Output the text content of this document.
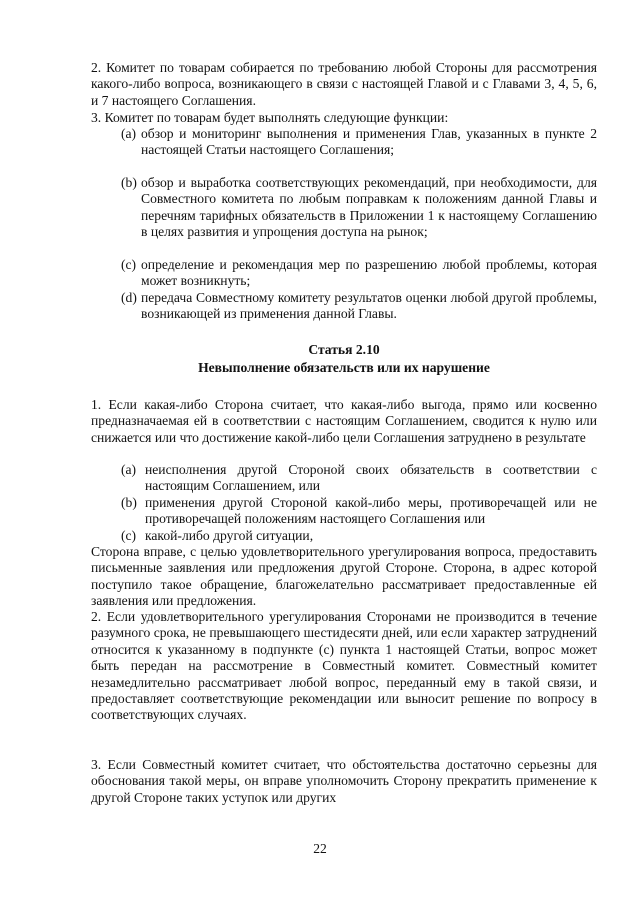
2. Комитет по товарам собирается по требованию любой Стороны для рассмотрения какого-либо вопроса, возникающего в связи с настоящей Главой и с Главами 3, 4, 5, 6, и 7 настоящего Соглашения.

3. Комитет по товарам будет выполнять следующие функции:

(a) обзор и мониторинг выполнения и применения Глав, указанных в пункте 2 настоящей Статьи настоящего Соглашения;
(b) обзор и выработка соответствующих рекомендаций, при необходимости, для Совместного комитета по любым поправкам к положениям данной Главы и перечням тарифных обязательств в Приложении 1 к настоящему Соглашению в целях развития и упрощения доступа на рынок;
(c) определение и рекомендация мер по разрешению любой проблемы, которая может возникнуть;
(d) передача Совместному комитету результатов оценки любой другой проблемы, возникающей из применения данной Главы.
Статья 2.10
Невыполнение обязательств или их нарушение

1. Если какая-либо Сторона считает, что какая-либо выгода, прямо или косвенно предназначаемая ей в соответствии с настоящим Соглашением, сводится к нулю или снижается или что достижение какой-либо цели Соглашения затруднено в результате

(a) неисполнения другой Стороной своих обязательств в соответствии с настоящим Соглашением, или
(b) применения другой Стороной какой-либо меры, противоречащей или не противоречащей положениям настоящего Соглашения или
(c) какой-либо другой ситуации,

Сторона вправе, с целью удовлетворительного урегулирования вопроса, предоставить письменные заявления или предложения другой Стороне. Сторона, в адрес которой поступило такое обращение, благожелательно рассматривает предоставленные ей заявления или предложения.

2. Если удовлетворительного урегулирования Сторонами не производится в течение разумного срока, не превышающего шестидесяти дней, или если характер затруднений относится к указанному в подпункте (с) пункта 1 настоящей Статьи, вопрос может быть передан на рассмотрение в Совместный комитет. Совместный комитет незамедлительно рассматривает любой вопрос, переданный ему в такой связи, и предоставляет соответствующие рекомендации или выносит решение по вопросу в соответствующих случаях.

3. Если Совместный комитет считает, что обстоятельства достаточно серьезны для обоснования такой меры, он вправе уполномочить Сторону прекратить применение к другой Стороне таких уступок или других

22
